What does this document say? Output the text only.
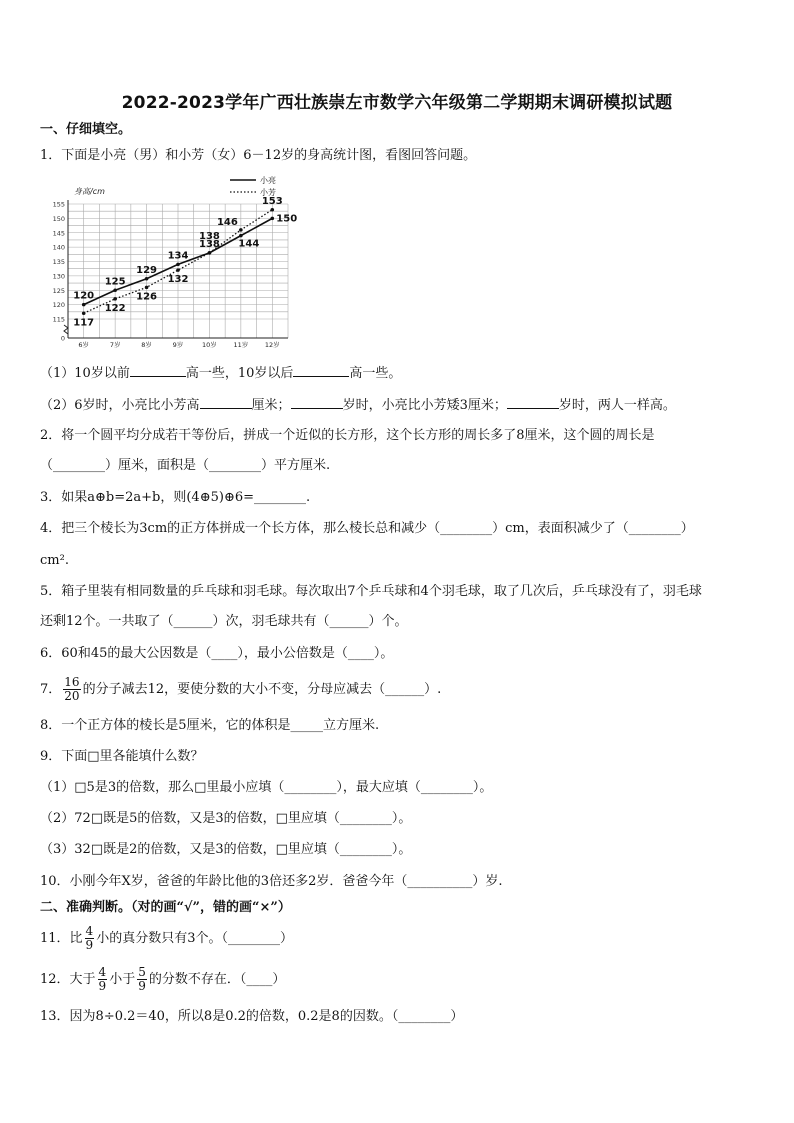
2022-2023学年广西壮族崇左市数学六年级第二学期期末调研模拟试题
一、仔细填空。
1．下面是小亮（男）和小芳（女）6－12岁的身高统计图，看图回答问题。
0
115
120
125
130
135
140
145
150
155
身高/cm
6岁	7岁	8岁	9岁	10岁	11岁	12岁
120
125
129
134
138 144
150
117
122
126
132
138
146
153
小亮
小芳
（1）10岁以前	高一些，10岁以后	高一些。
（2）6岁时，小亮比小芳高	厘米；	岁时，小亮比小芳矮3厘米；	岁时，两人一样高。
2．将一个圆平均分成若干等份后，拼成一个近似的长方形，这个长方形的周长多了8厘米，这个圆的周长是
（________）厘米，面积是（________）平方厘米.
3．如果a⊕b=2a+b，则(4⊕5)⊕6=________.
4．把三个棱长为3cm的正方体拼成一个长方体，那么棱长总和减少（________）cm，表面积减少了（________）
cm².
5．箱子里装有相同数量的乒乓球和羽毛球。每次取出7个乒乓球和4个羽毛球，取了几次后，乒乓球没有了，羽毛球
还剩12个。一共取了（______）次，羽毛球共有（______）个。
6．60和45的最大公因数是（____），最小公倍数是（____）。
7． $\frac{16}{20}$ 的分子减去12，要使分数的大小不变，分母应减去（______）.
8．一个正方体的棱长是5厘米，它的体积是_____立方厘米.
9．下面□里各能填什么数？
（1）□5是3的倍数，那么□里最小应填（________），最大应填（________）。
（2）72□既是5的倍数，又是3的倍数，□里应填（________）。
（3）32□既是2的倍数，又是3的倍数，□里应填（________）。
10．小刚今年X岁，爸爸的年龄比他的3倍还多2岁．爸爸今年（__________）岁.
二、准确判断。（对的画“√”，错的画“×”）
11．比 $\frac{4}{9}$ 小的真分数只有3个。（________）
12．大于 $\frac{4}{9}$ 小于 $\frac{5}{9}$ 的分数不存在．（____）
13．因为8÷0.2＝40，所以8是0.2的倍数，0.2是8的因数。（________）
